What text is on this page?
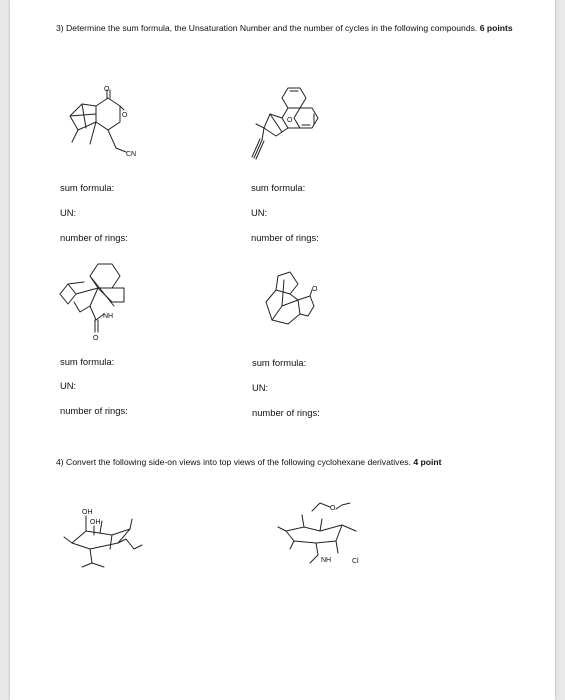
3) Determine the sum formula, the Unsaturation Number and the number of cycles in the following compounds. 6 points
O
O
CN
O
sum formula:	sum formula:
UN:	UN:
number of rings:	number of rings:
NH
O
O
sum formula:	sum formula:
UN:	UN:
number of rings:	number of rings:
4) Convert the following side-on views into top views of the following cyclohexane derivatives. 4 point
OH
OH
O
NH	Cl
